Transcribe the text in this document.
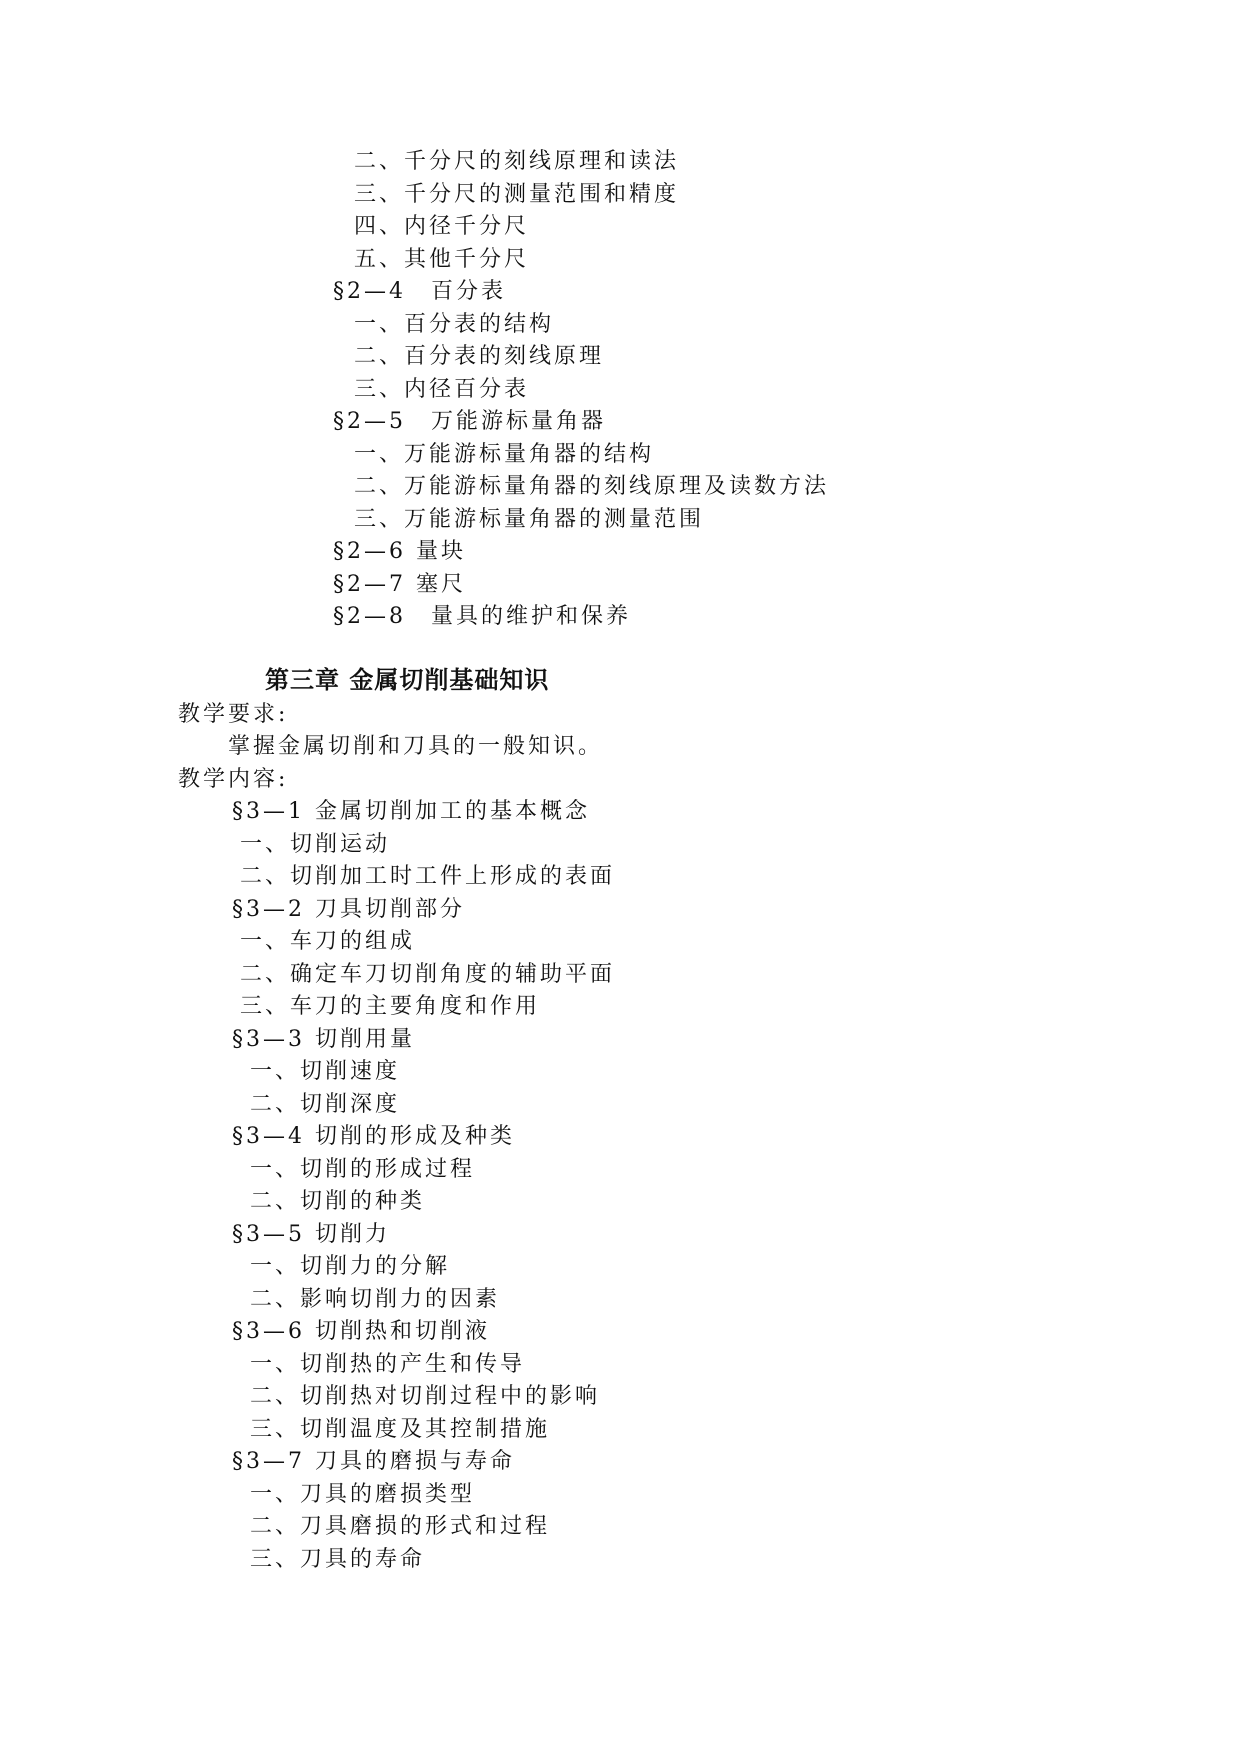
二、千分尺的刻线原理和读法
三、千分尺的测量范围和精度
四、内径千分尺
五、其他千分尺
§2—4　百分表
一、百分表的结构
二、百分表的刻线原理
三、内径百分表
§2—5　万能游标量角器
一、万能游标量角器的结构
二、万能游标量角器的刻线原理及读数方法
三、万能游标量角器的测量范围
§2—6 量块
§2—7 塞尺
§2—8　量具的维护和保养
第三章 金属切削基础知识
教学要求:
掌握金属切削和刀具的一般知识。
教学内容:
§3—1 金属切削加工的基本概念
一、切削运动
二、切削加工时工件上形成的表面
§3—2 刀具切削部分
一、车刀的组成
二、确定车刀切削角度的辅助平面
三、车刀的主要角度和作用
§3—3 切削用量
一、切削速度
二、切削深度
§3—4 切削的形成及种类
一、切削的形成过程
二、切削的种类
§3—5 切削力
一、切削力的分解
二、影响切削力的因素
§3—6 切削热和切削液
一、切削热的产生和传导
二、切削热对切削过程中的影响
三、切削温度及其控制措施
§3—7 刀具的磨损与寿命
一、刀具的磨损类型
二、刀具磨损的形式和过程
三、刀具的寿命
